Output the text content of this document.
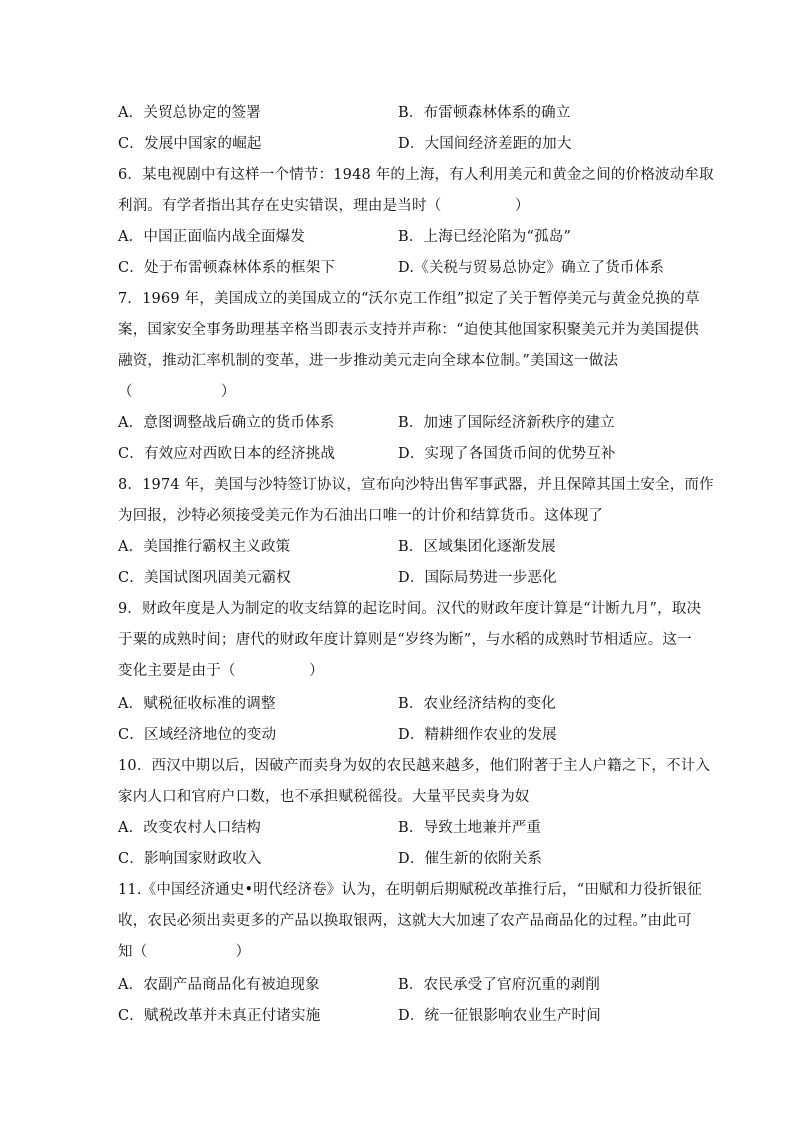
A．关贸总协定的签署	B．布雷顿森林体系的确立
C．发展中国家的崛起	D．大国间经济差距的加大
6．某电视剧中有这样一个情节：1948 年的上海，有人利用美元和黄金之间的价格波动牟取
利润。有学者指出其存在史实错误，理由是当时（　　　　　）
A．中国正面临内战全面爆发	B．上海已经沦陷为“孤岛”
C．处于布雷顿森林体系的框架下	D.《关税与贸易总协定》确立了货币体系
7．1969 年，美国成立的美国成立的“沃尔克工作组”拟定了关于暂停美元与黄金兑换的草
案，国家安全事务助理基辛格当即表示支持并声称：“迫使其他国家积聚美元并为美国提供
融资，推动汇率机制的变革，进一步推动美元走向全球本位制。”美国这一做法
（　　　　　　）
A．意图调整战后确立的货币体系	B．加速了国际经济新秩序的建立
C．有效应对西欧日本的经济挑战	D．实现了各国货币间的优势互补
8．1974 年，美国与沙特签订协议，宣布向沙特出售军事武器，并且保障其国土安全，而作
为回报，沙特必须接受美元作为石油出口唯一的计价和结算货币。这体现了
A．美国推行霸权主义政策	B．区域集团化逐渐发展
C．美国试图巩固美元霸权	D．国际局势进一步恶化
9．财政年度是人为制定的收支结算的起讫时间。汉代的财政年度计算是“计断九月”，取决
于粟的成熟时间；唐代的财政年度计算则是“岁终为断”，与水稻的成熟时节相适应。这一
变化主要是由于（　　　　　）
A．赋税征收标准的调整	B．农业经济结构的变化
C．区域经济地位的变动	D．精耕细作农业的发展
10．西汉中期以后，因破产而卖身为奴的农民越来越多，他们附著于主人户籍之下，不计入
家内人口和官府户口数，也不承担赋税徭役。大量平民卖身为奴
A．改变农村人口结构	B．导致土地兼并严重
C．影响国家财政收入	D．催生新的依附关系
11.《中国经济通史•明代经济卷》认为，在明朝后期赋税改革推行后，“田赋和力役折银征
收，农民必须出卖更多的产品以换取银两，这就大大加速了农产品商品化的过程。”由此可
知（　　　　　　）
A．农副产品商品化有被迫现象	B．农民承受了官府沉重的剥削
C．赋税改革并未真正付诸实施	D．统一征银影响农业生产时间
